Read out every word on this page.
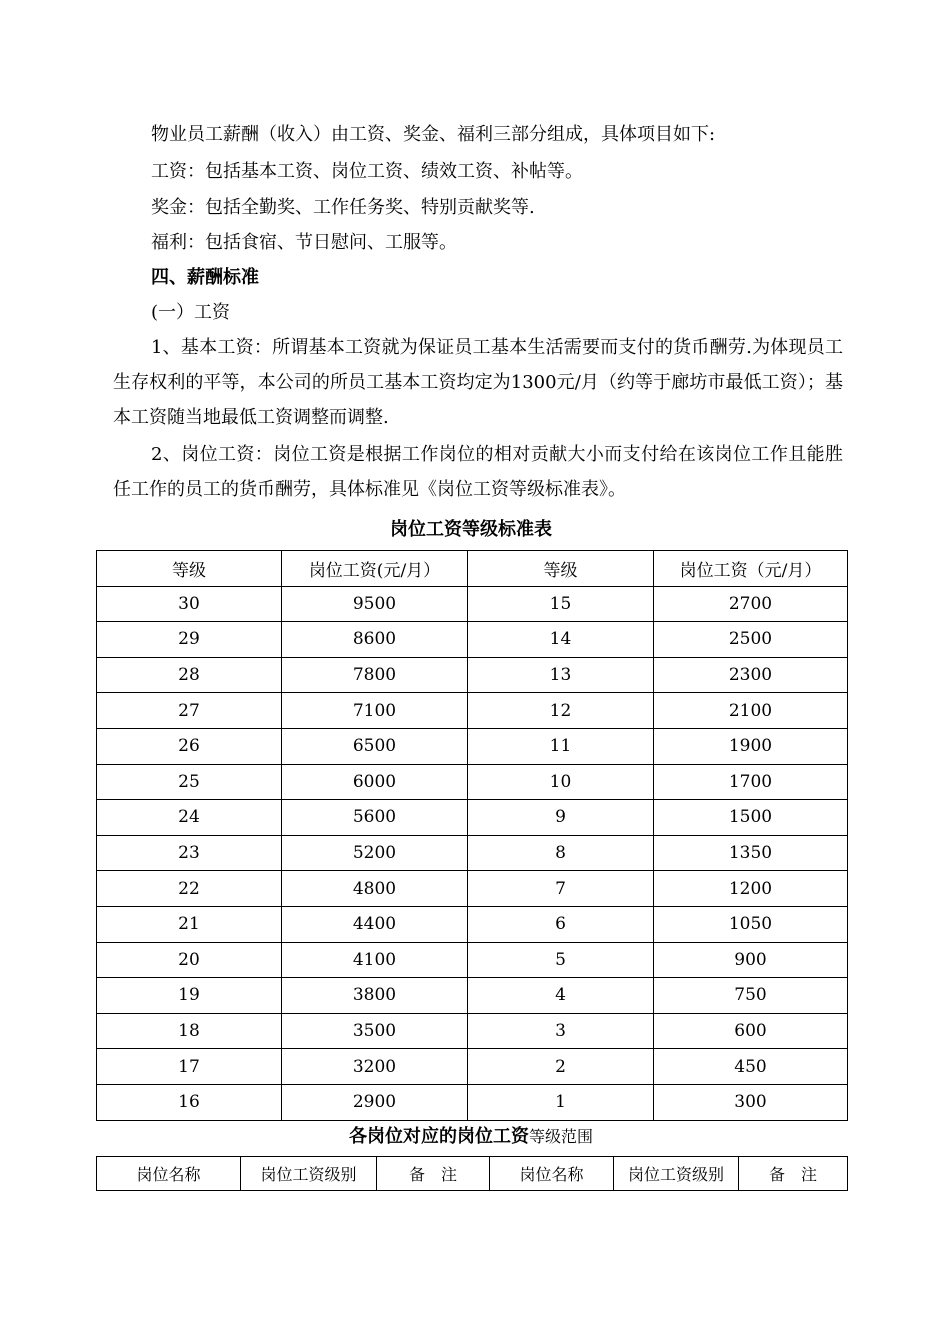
物业员工薪酬（收入）由工资、奖金、福利三部分组成，具体项目如下:

工资：包括基本工资、岗位工资、绩效工资、补帖等。

奖金：包括全勤奖、工作任务奖、特别贡献奖等.

福利：包括食宿、节日慰问、工服等。

四、薪酬标准

(一）工资

1、基本工资：所谓基本工资就为保证员工基本生活需要而支付的货币酬劳.为体现员工生存权利的平等，本公司的所员工基本工资均定为1300元/月（约等于廊坊市最低工资）；基本工资随当地最低工资调整而调整.

2、岗位工资：岗位工资是根据工作岗位的相对贡献大小而支付给在该岗位工作且能胜任工作的员工的货币酬劳，具体标准见《岗位工资等级标准表》。

岗位工资等级标准表
等级	岗位工资(元/月）	等级	岗位工资（元/月）
30	9500	15	2700
29	8600	14	2500
28	7800	13	2300
27	7100	12	2100
26	6500	11	1900
25	6000	10	1700
24	5600	9	1500
23	5200	8	1350
22	4800	7	1200
21	4400	6	1050
20	4100	5	900
19	3800	4	750
18	3500	3	600
17	3200	2	450
16	2900	1	300
各岗位对应的岗位工资等级范围
岗位名称	岗位工资级别	备　注	岗位名称	岗位工资级别	备　注
